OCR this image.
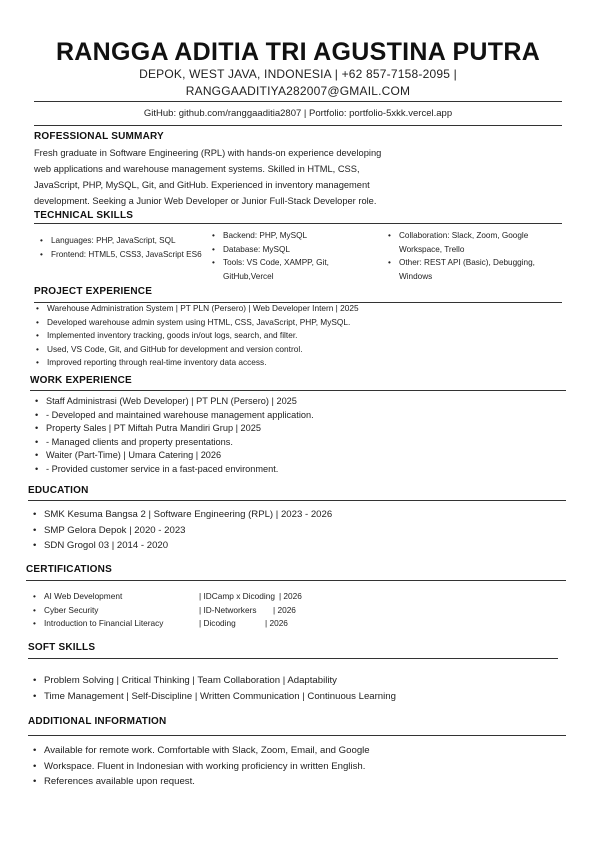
RANGGA ADITIA TRI AGUSTINA PUTRA
DEPOK, WEST JAVA, INDONESIA | +62 857-7158-2095 |
RANGGAADITIYA282007@GMAIL.COM
GitHub: github.com/ranggaaditia2807 | Portfolio: portfolio-5xkk.vercel.app
ROFESSIONAL SUMMARY
Fresh graduate in Software Engineering (RPL) with hands-on experience developing
web applications and warehouse management systems. Skilled in HTML, CSS,
JavaScript, PHP, MySQL, Git, and GitHub. Experienced in inventory management
development. Seeking a Junior Web Developer or Junior Full-Stack Developer role.
TECHNICAL SKILLS
• Languages: PHP, JavaScript, SQL
• Frontend: HTML5, CSS3, JavaScript ES6
• Backend: PHP, MySQL
• Database: MySQL
• Tools: VS Code, XAMPP, Git, GitHub,Vercel
• Collaboration: Slack, Zoom, Google Workspace, Trello
• Other: REST API (Basic), Debugging, Windows
PROJECT EXPERIENCE
• Warehouse Administration System | PT PLN (Persero) | Web Developer Intern | 2025
• Developed warehouse admin system using HTML, CSS, JavaScript, PHP, MySQL.
• Implemented inventory tracking, goods in/out logs, search, and filter.
• Used, VS Code, Git, and GitHub for development and version control.
• Improved reporting through real-time inventory data access.
WORK EXPERIENCE
• Staff Administrasi (Web Developer) | PT PLN (Persero) | 2025
• - Developed and maintained warehouse management application.
• Property Sales | PT Miftah Putra Mandiri Grup | 2025
• - Managed clients and property presentations.
• Waiter (Part-Time) | Umara Catering | 2026
• - Provided customer service in a fast-paced environment.
EDUCATION
• SMK Kesuma Bangsa 2 | Software Engineering (RPL) | 2023 - 2026
• SMP Gelora Depok | 2020 - 2023
• SDN Grogol 03 | 2014 - 2020
CERTIFICATIONS
• AI Web Development	| IDCamp x Dicoding | 2026
• Cyber Security	| ID-Networkers	| 2026
• Introduction to Financial Literacy	| Dicoding	| 2026
SOFT SKILLS
• Problem Solving | Critical Thinking | Team Collaboration | Adaptability
• Time Management | Self-Discipline | Written Communication | Continuous Learning
ADDITIONAL INFORMATION
• Available for remote work. Comfortable with Slack, Zoom, Email, and Google
• Workspace. Fluent in Indonesian with working proficiency in written English.
• References available upon request.
